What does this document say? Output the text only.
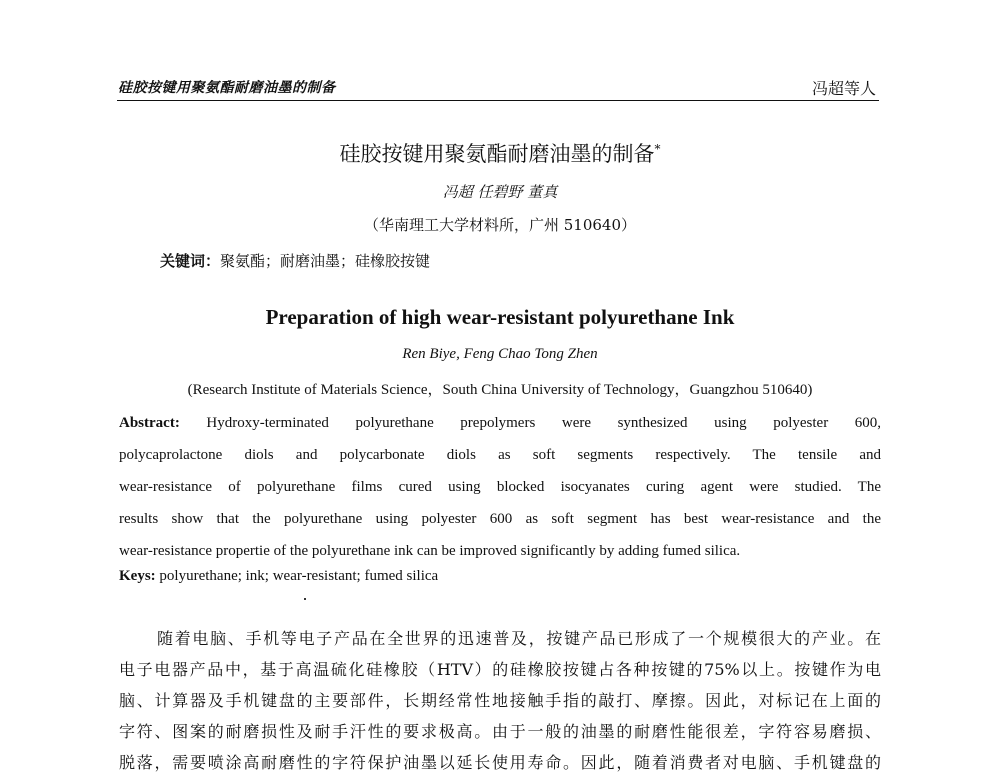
硅胶按键用聚氨酯耐磨油墨的制备	冯超等人
硅胶按键用聚氨酯耐磨油墨的制备*
冯超 任碧野 董真
（华南理工大学材料所，广州 510640）
关键词：聚氨酯；耐磨油墨；硅橡胶按键
Preparation of high wear-resistant polyurethane Ink
Ren Biye, Feng Chao Tong Zhen
(Research Institute of Materials Science，South China University of Technology，Guangzhou 510640)
Abstract: Hydroxy-terminated polyurethane prepolymers were synthesized using polyester 600,
polycaprolactone diols and polycarbonate diols as soft segments respectively. The tensile and
wear-resistance of polyurethane films cured using blocked isocyanates curing agent were studied. The
results show that the polyurethane using polyester 600 as soft segment has best wear-resistance and the
wear-resistance propertie of the polyurethane ink can be improved significantly by adding fumed silica.
Keys: polyurethane; ink; wear-resistant; fumed silica
随着电脑、手机等电子产品在全世界的迅速普及，按键产品已形成了一个规模很大的产业。在
电子电器产品中，基于高温硫化硅橡胶（HTV）的硅橡胶按键占各种按键的75%以上。按键作为电
脑、计算器及手机键盘的主要部件，长期经常性地接触手指的敲打、摩擦。因此，对标记在上面的
字符、图案的耐磨损性及耐手汗性的要求极高。由于一般的油墨的耐磨性能很差，字符容易磨损、
脱落，需要喷涂高耐磨性的字符保护油墨以延长使用寿命。因此，随着消费者对电脑、手机键盘的
